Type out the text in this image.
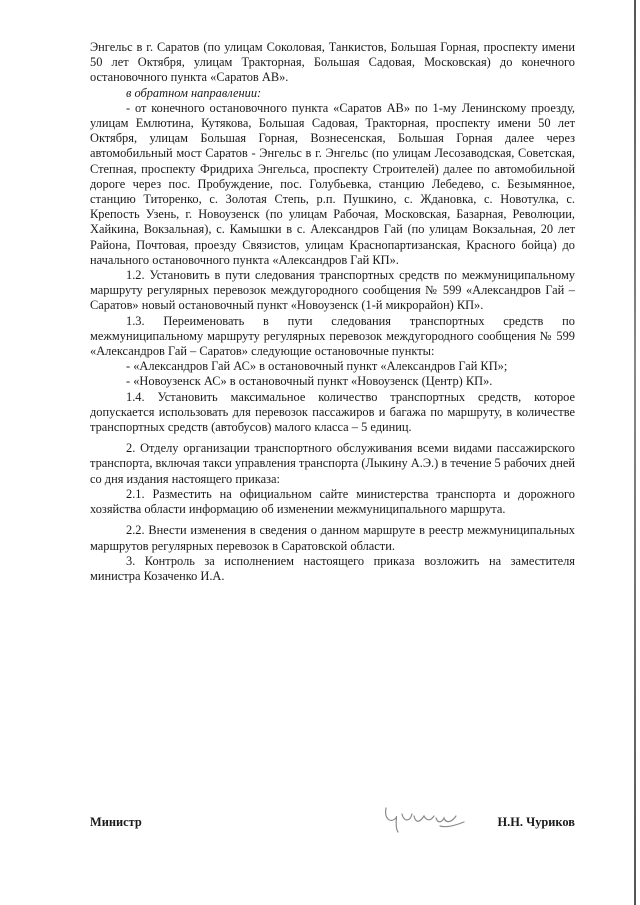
Энгельс в г. Саратов (по улицам Соколовая, Танкистов, Большая Горная, проспекту имени 50 лет Октября, улицам Тракторная, Большая Садовая, Московская) до конечного остановочного пункта «Саратов АВ».

в обратном направлении:

- от конечного остановочного пункта «Саратов АВ» по 1-му Ленинскому проезду, улицам Емлютина, Кутякова, Большая Садовая, Тракторная, проспекту имени 50 лет Октября, улицам Большая Горная, Вознесенская, Большая Горная далее через автомобильный мост Саратов - Энгельс в г. Энгельс (по улицам Лесозаводская, Советская, Степная, проспекту Фридриха Энгельса, проспекту Строителей) далее по автомобильной дороге через пос. Пробуждение, пос. Голубьевка, станцию Лебедево, с. Безымянное, станцию Титоренко, с. Золотая Степь, р.п. Пушкино, с. Ждановка, с. Новотулка, с. Крепость Узень, г. Новоузенск (по улицам Рабочая, Московская, Базарная, Революции, Хайкина, Вокзальная), с. Камышки в с. Александров Гай (по улицам Вокзальная, 20 лет Района, Почтовая, проезду Связистов, улицам Краснопартизанская, Красного бойца) до начального остановочного пункта «Александров Гай КП».

1.2. Установить в пути следования транспортных средств по межмуниципальному маршруту регулярных перевозок междугородного сообщения № 599 «Александров Гай – Саратов» новый остановочный пункт «Новоузенск (1-й микрорайон) КП».

1.3. Переименовать в пути следования транспортных средств по межмуниципальному маршруту регулярных перевозок междугородного сообщения № 599 «Александров Гай – Саратов» следующие остановочные пункты:

- «Александров Гай АС» в остановочный пункт «Александров Гай КП»;

- «Новоузенск АС» в остановочный пункт «Новоузенск (Центр) КП».

1.4. Установить максимальное количество транспортных средств, которое допускается использовать для перевозок пассажиров и багажа по маршруту, в количестве транспортных средств (автобусов) малого класса – 5 единиц.

2. Отделу организации транспортного обслуживания всеми видами пассажирского транспорта, включая такси управления транспорта (Лыкину А.Э.) в течение 5 рабочих дней со дня издания настоящего приказа:

2.1. Разместить на официальном сайте министерства транспорта и дорожного хозяйства области информацию об изменении межмуниципального маршрута.

2.2. Внести изменения в сведения о данном маршруте в реестр межмуниципальных маршрутов регулярных перевозок в Саратовской области.

3. Контроль за исполнением настоящего приказа возложить на заместителя министра Козаченко И.А.

Министр	Н.Н. Чуриков
